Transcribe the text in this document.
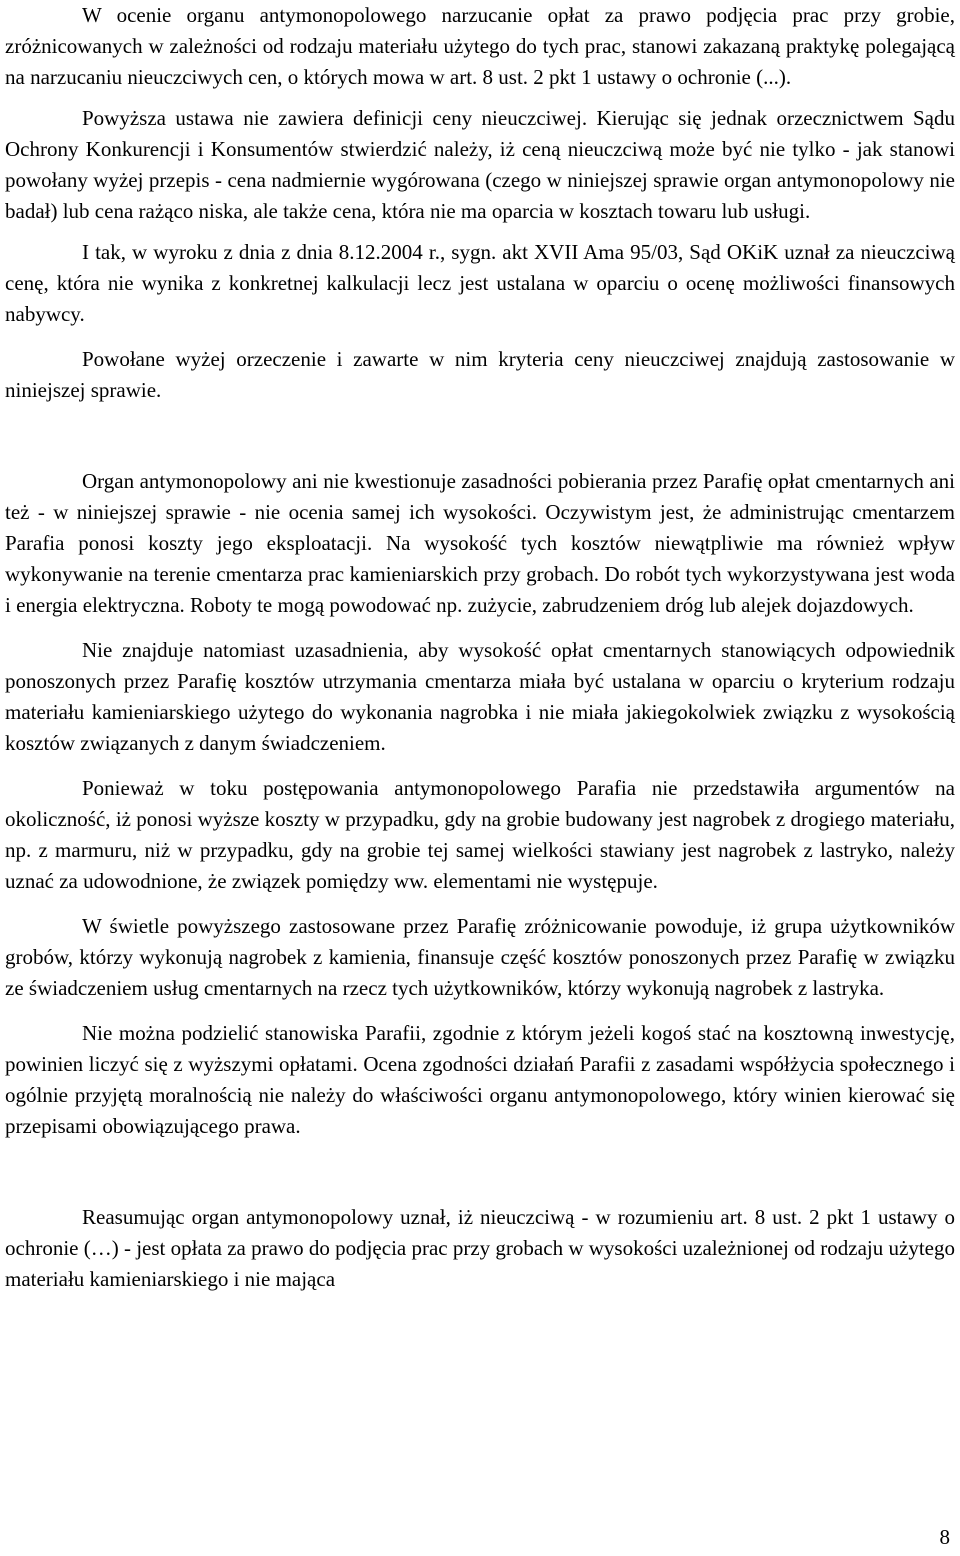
W ocenie organu antymonopolowego narzucanie opłat za prawo podjęcia prac przy grobie, zróżnicowanych w zależności od rodzaju materiału użytego do tych prac, stanowi zakazaną praktykę polegającą na narzucaniu nieuczciwych cen, o których mowa w art. 8 ust. 2 pkt 1 ustawy o ochronie (...).

Powyższa ustawa nie zawiera definicji ceny nieuczciwej. Kierując się jednak orzecznictwem Sądu Ochrony Konkurencji i Konsumentów stwierdzić należy, iż ceną nieuczciwą może być nie tylko - jak stanowi powołany wyżej przepis - cena nadmiernie wygórowana (czego w niniejszej sprawie organ antymonopolowy nie badał) lub cena rażąco niska, ale także cena, która nie ma oparcia w kosztach towaru lub usługi.

I tak, w wyroku z dnia z dnia 8.12.2004 r., sygn. akt XVII Ama 95/03, Sąd OKiK uznał za nieuczciwą cenę, która nie wynika z konkretnej kalkulacji lecz jest ustalana w oparciu o ocenę możliwości finansowych nabywcy.

Powołane wyżej orzeczenie i zawarte w nim kryteria ceny nieuczciwej znajdują zastosowanie w niniejszej sprawie.

Organ antymonopolowy ani nie kwestionuje zasadności pobierania przez Parafię opłat cmentarnych ani też - w niniejszej sprawie - nie ocenia samej ich wysokości. Oczywistym jest, że administrując cmentarzem Parafia ponosi koszty jego eksploatacji. Na wysokość tych kosztów niewątpliwie ma również wpływ wykonywanie na terenie cmentarza prac kamieniarskich przy grobach. Do robót tych wykorzystywana jest woda i energia elektryczna. Roboty te mogą powodować np. zużycie, zabrudzeniem dróg lub alejek dojazdowych.

Nie znajduje natomiast uzasadnienia, aby wysokość opłat cmentarnych stanowiących odpowiednik ponoszonych przez Parafię kosztów utrzymania cmentarza miała być ustalana w oparciu o kryterium rodzaju materiału kamieniarskiego użytego do wykonania nagrobka i nie miała jakiegokolwiek związku z wysokością kosztów związanych z danym świadczeniem.

Ponieważ w toku postępowania antymonopolowego Parafia nie przedstawiła argumentów na okoliczność, iż ponosi wyższe koszty w przypadku, gdy na grobie budowany jest nagrobek z drogiego materiału, np. z marmuru, niż w przypadku, gdy na grobie tej samej wielkości stawiany jest nagrobek z lastryko, należy uznać za udowodnione, że związek pomiędzy ww. elementami nie występuje.

W świetle powyższego zastosowane przez Parafię zróżnicowanie powoduje, iż grupa użytkowników grobów, którzy wykonują nagrobek z kamienia, finansuje część kosztów ponoszonych przez Parafię w związku ze świadczeniem usług cmentarnych na rzecz tych użytkowników, którzy wykonują nagrobek z lastryka.

Nie można podzielić stanowiska Parafii, zgodnie z którym jeżeli kogoś stać na kosztowną inwestycję, powinien liczyć się z wyższymi opłatami. Ocena zgodności działań Parafii z zasadami współżycia społecznego i ogólnie przyjętą moralnością nie należy do właściwości organu antymonopolowego, który winien kierować się przepisami obowiązującego prawa.

Reasumując organ antymonopolowy uznał, iż nieuczciwą - w rozumieniu art. 8 ust. 2 pkt 1 ustawy o ochronie (…) - jest opłata za prawo do podjęcia prac przy grobach w wysokości uzależnionej od rodzaju użytego materiału kamieniarskiego i nie mająca

8
